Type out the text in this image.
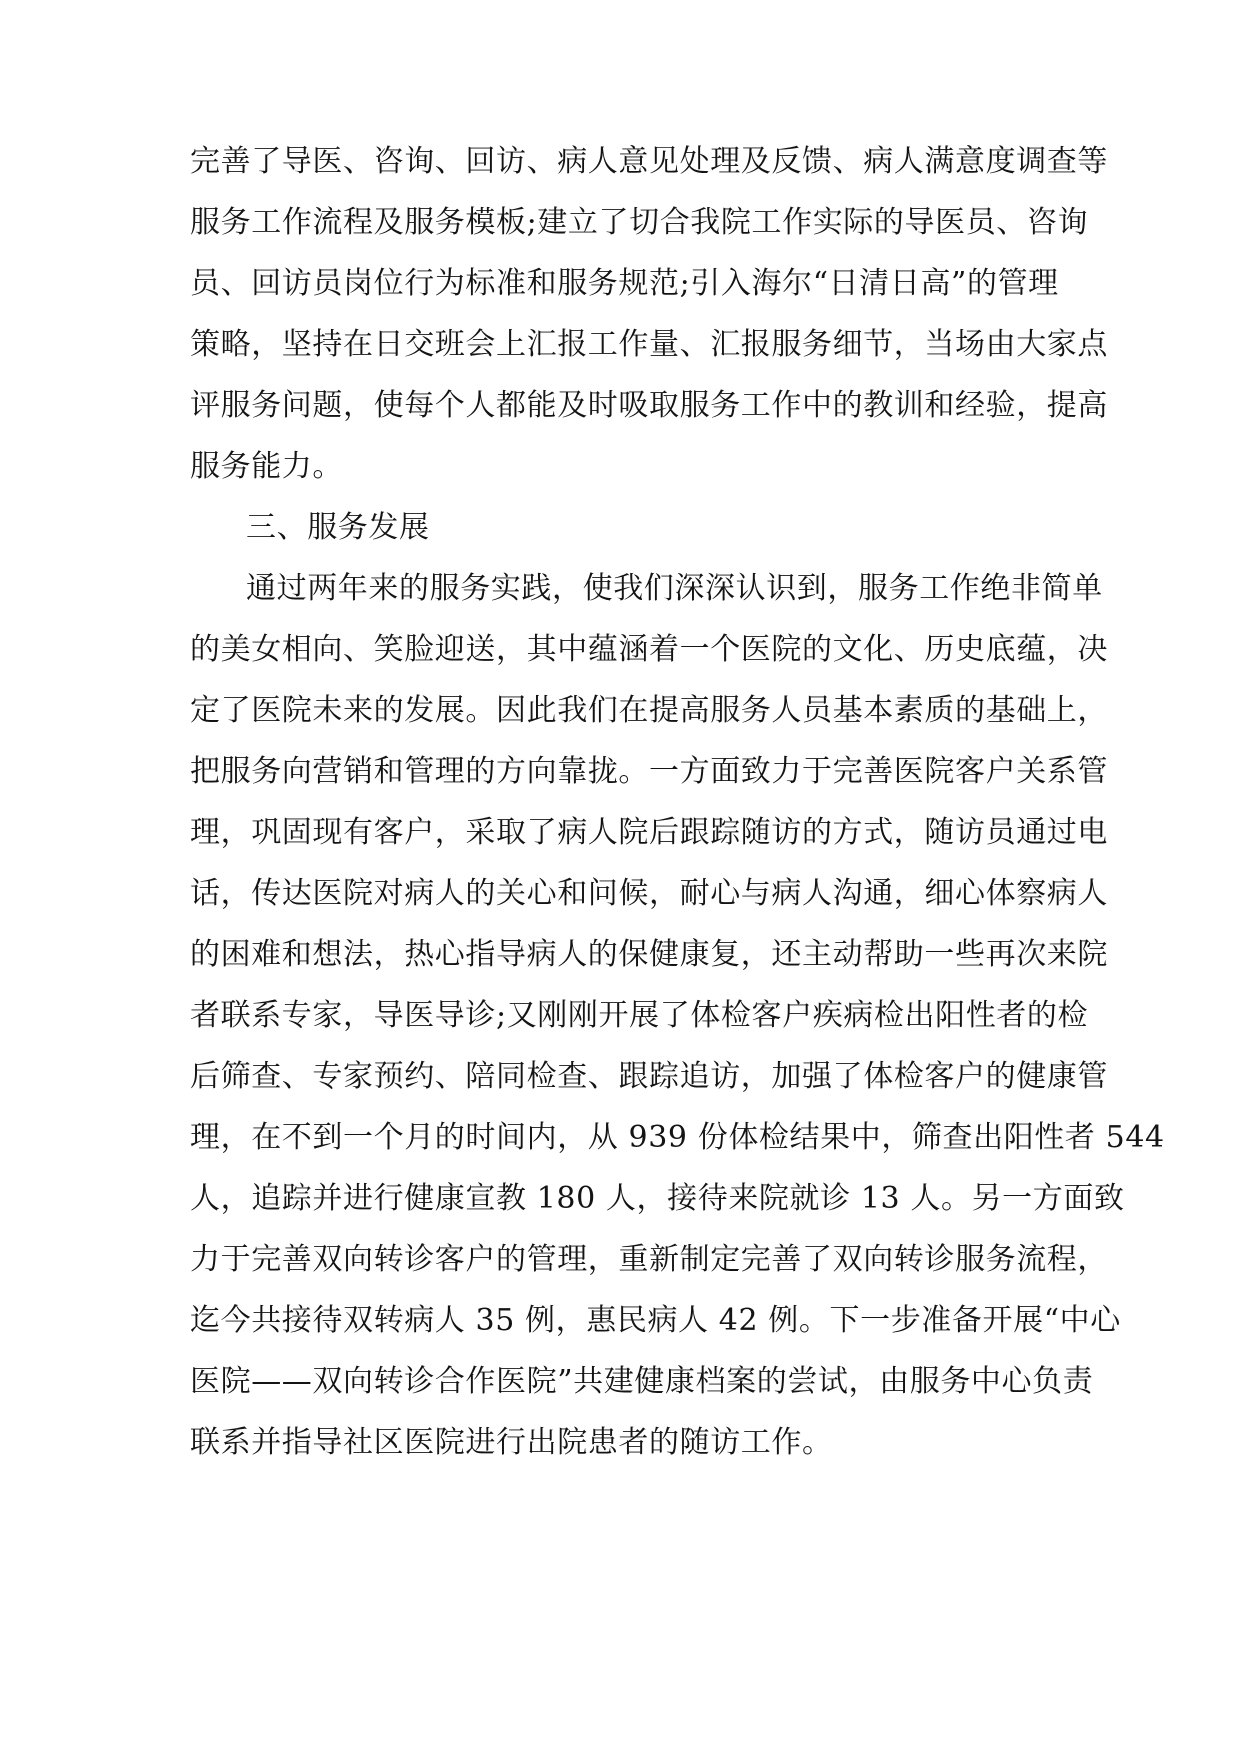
完善了导医、咨询、回访、病人意见处理及反馈、病人满意度调查等
服务工作流程及服务模板;建立了切合我院工作实际的导医员、咨询
员、回访员岗位行为标准和服务规范;引入海尔“日清日高”的管理
策略，坚持在日交班会上汇报工作量、汇报服务细节，当场由大家点
评服务问题，使每个人都能及时吸取服务工作中的教训和经验，提高
服务能力。
三、服务发展
通过两年来的服务实践，使我们深深认识到，服务工作绝非简单
的美女相向、笑脸迎送，其中蕴涵着一个医院的文化、历史底蕴，决
定了医院未来的发展。因此我们在提高服务人员基本素质的基础上，
把服务向营销和管理的方向靠拢。一方面致力于完善医院客户关系管
理，巩固现有客户，采取了病人院后跟踪随访的方式，随访员通过电
话，传达医院对病人的关心和问候，耐心与病人沟通，细心体察病人
的困难和想法，热心指导病人的保健康复，还主动帮助一些再次来院
者联系专家，导医导诊;又刚刚开展了体检客户疾病检出阳性者的检
后筛查、专家预约、陪同检查、跟踪追访，加强了体检客户的健康管
理，在不到一个月的时间内，从 939 份体检结果中，筛查出阳性者 544
人，追踪并进行健康宣教 180 人，接待来院就诊 13 人。另一方面致
力于完善双向转诊客户的管理，重新制定完善了双向转诊服务流程，
迄今共接待双转病人 35 例，惠民病人 42 例。下一步准备开展“中心
医院——双向转诊合作医院”共建健康档案的尝试，由服务中心负责
联系并指导社区医院进行出院患者的随访工作。
